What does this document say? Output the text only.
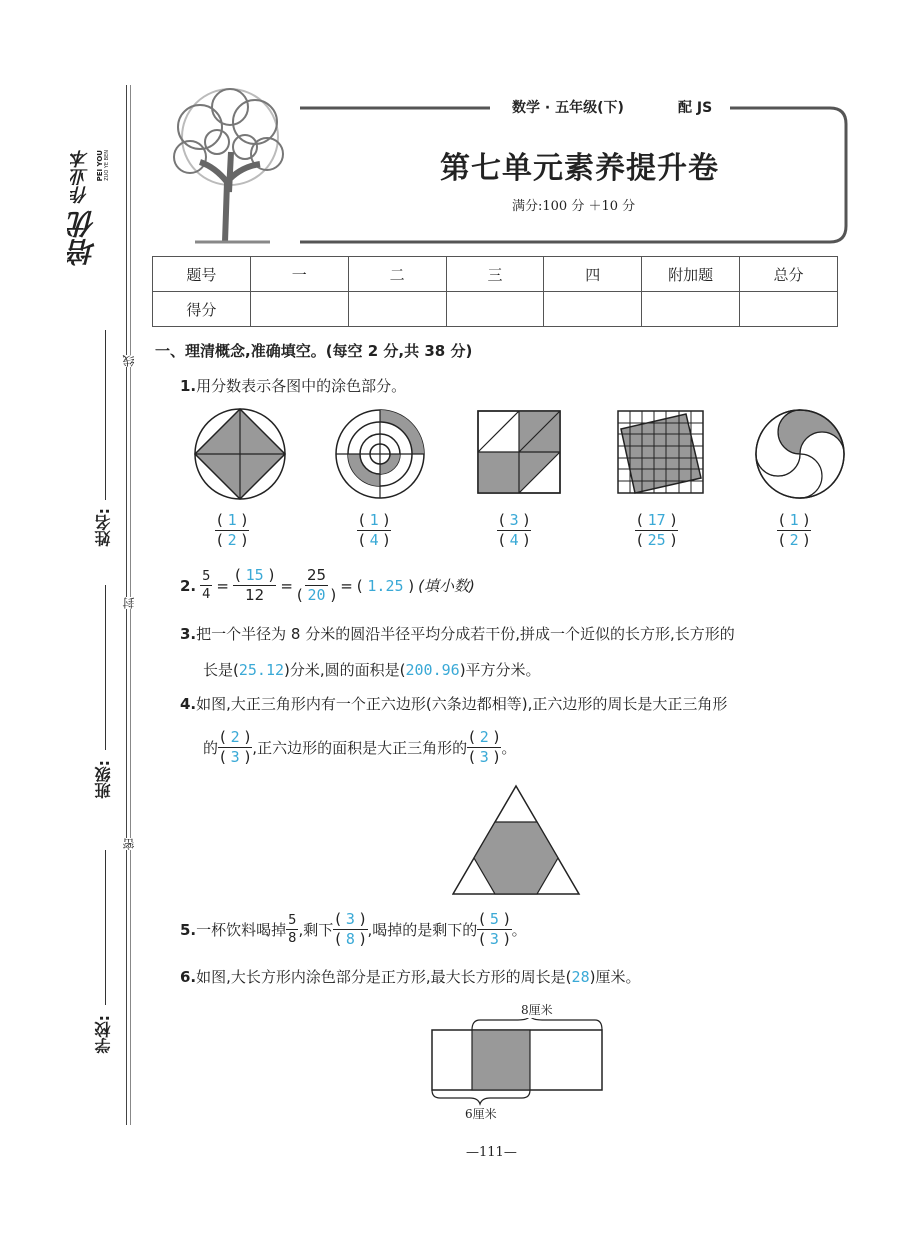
培优
作业本 PEI YOU ZUO YE BEN
线
封
密
姓名:
班级:
学校:
数学 · 五年级(下)	配 JS
第七单元素养提升卷
满分:100 分 ＋10 分
题号	一	二	三	四	附加题	总分
得分						
一、理清概念,准确填空。(每空 2 分,共 38 分)
1.用分数表示各图中的涂色部分。
$\frac{( 1 )}{( 2 )}$	$\frac{( 1 )}{( 4 )}$	$\frac{( 3 )}{( 4 )}$	$\frac{( 17 )}{( 25 )}$	$\frac{( 1 )}{( 2 )}$
2. $\frac{5}{4} = \frac{( 15 )}{12} = \frac{25}{( 20 )}$ = ( 1.25 ) (填小数)
3.把一个半径为 8 分米的圆沿半径平均分成若干份,拼成一个近似的长方形,长方形的
长是(25.12)分米,圆的面积是(200.96)平方分米。
4.如图,大正三角形内有一个正六边形(六条边都相等),正六边形的周长是大正三角形
的 $\frac{( 2 )}{( 3 )}$ ,正六边形的面积是大正三角形的 $\frac{( 2 )}{( 3 )}$ 。
5. 一杯饮料喝掉 $\frac{5}{8}$ ,剩下 $\frac{( 3 )}{( 8 )}$ ,喝掉的是剩下的 $\frac{( 5 )}{( 3 )}$ 。
6.如图,大长方形内涂色部分是正方形,最大长方形的周长是(28)厘米。
8厘米
6厘米
—111—
